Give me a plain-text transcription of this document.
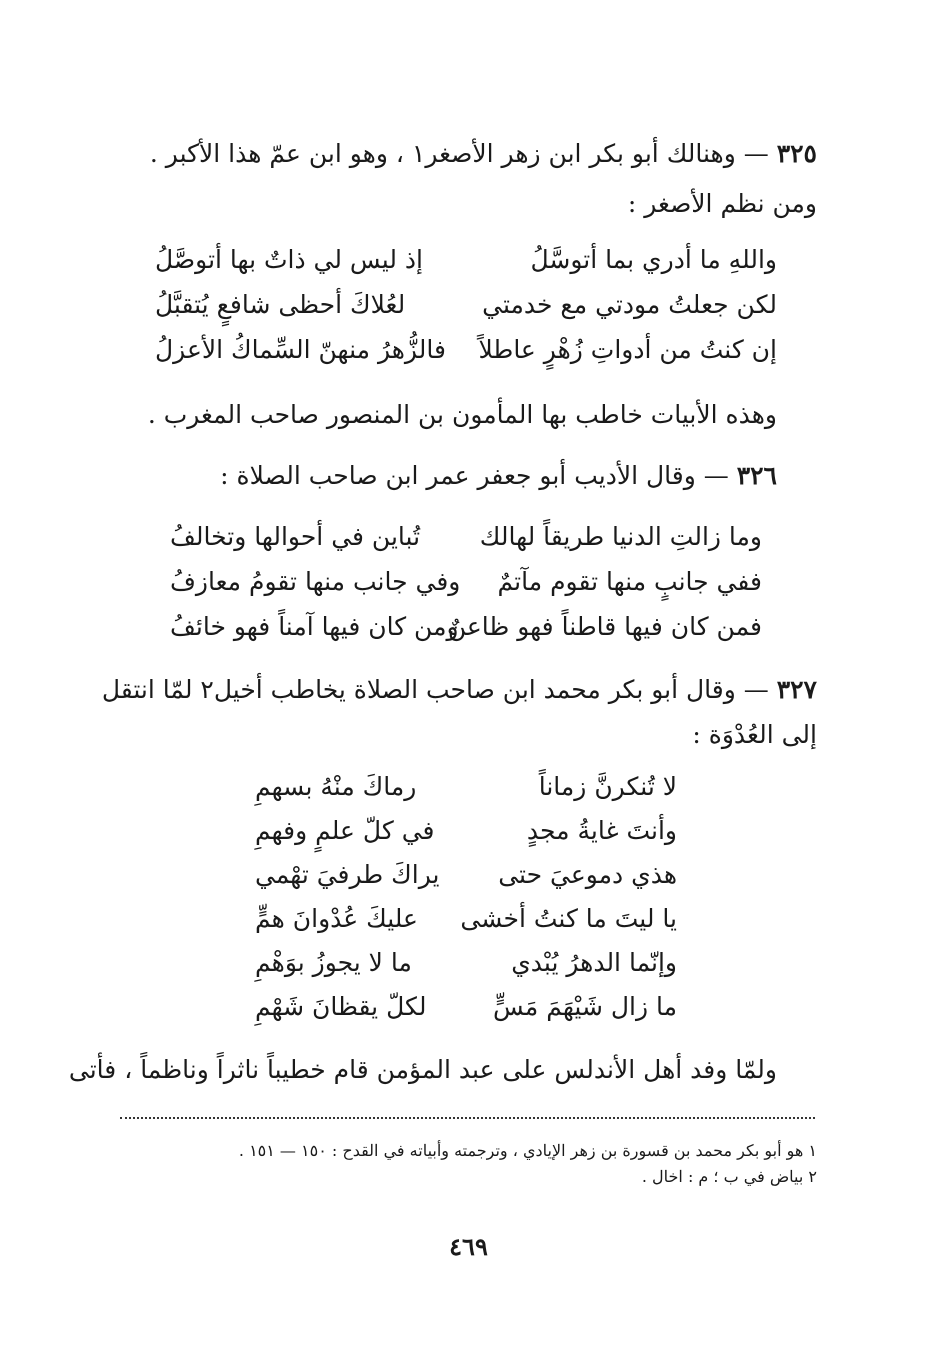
٣٢٥ — وهنالك أبو بكر ابن زهر الأصغر١ ، وهو ابن عمّ هذا الأكبر .
ومن نظم الأصغر :
واللهِ ما أدري بما أتوسَّلُ
إذ ليس لي ذاتٌ بها أتوصَّلُ
لكن جعلتُ مودتي مع خدمتي
لعُلاكَ أحظى شافعٍ يُتقبَّلُ
إن كنتُ من أدواتِ زُهْرٍ عاطلاً
فالزُّهرُ منهنّ السِّماكُ الأعزلُ
وهذه الأبيات خاطب بها المأمون بن المنصور صاحب المغرب .
٣٢٦ — وقال الأديب أبو جعفر عمر ابن صاحب الصلاة :
وما زالتِ الدنيا طريقاً لهالك
تُباين في أحوالها وتخالفُ
ففي جانبٍ منها تقوم مآتمٌ
وفي جانب منها تقومُ معازفُ
فمن كان فيها قاطناً فهو ظاعنٌ
ومن كان فيها آمناً فهو خائفُ
٣٢٧ — وقال أبو بكر محمد ابن صاحب الصلاة يخاطب أخيل٢ لمّا انتقل
إلى العُدْوَة :
لا تُنكرنَّ زماناً
رماكَ منْهُ بسهمِ
وأنتَ غايةُ مجدٍ
في كلّ علمٍ وفهمِ
هذي دموعيَ حتى
يراكَ طرفيَ تهْمي
يا ليتَ ما كنتُ أخشى
عليكَ عُدْوانَ همٍّ
وإنّما الدهرُ يُبْدي
ما لا يجوزُ بوَهْمِ
ما زال شَيْهَمَ مَسٍّ
لكلّ يقظانَ شَهْمِ
ولمّا وفد أهل الأندلس على عبد المؤمن قام خطيباً ناثراً وناظماً ، فأتى
١ هو أبو بكر محمد بن قسورة بن زهر الإيادي ، وترجمته وأبياته في القدح : ١٥٠ — ١٥١ .
٢ بياض في ب ؛ م : اخال .
٤٦٩
